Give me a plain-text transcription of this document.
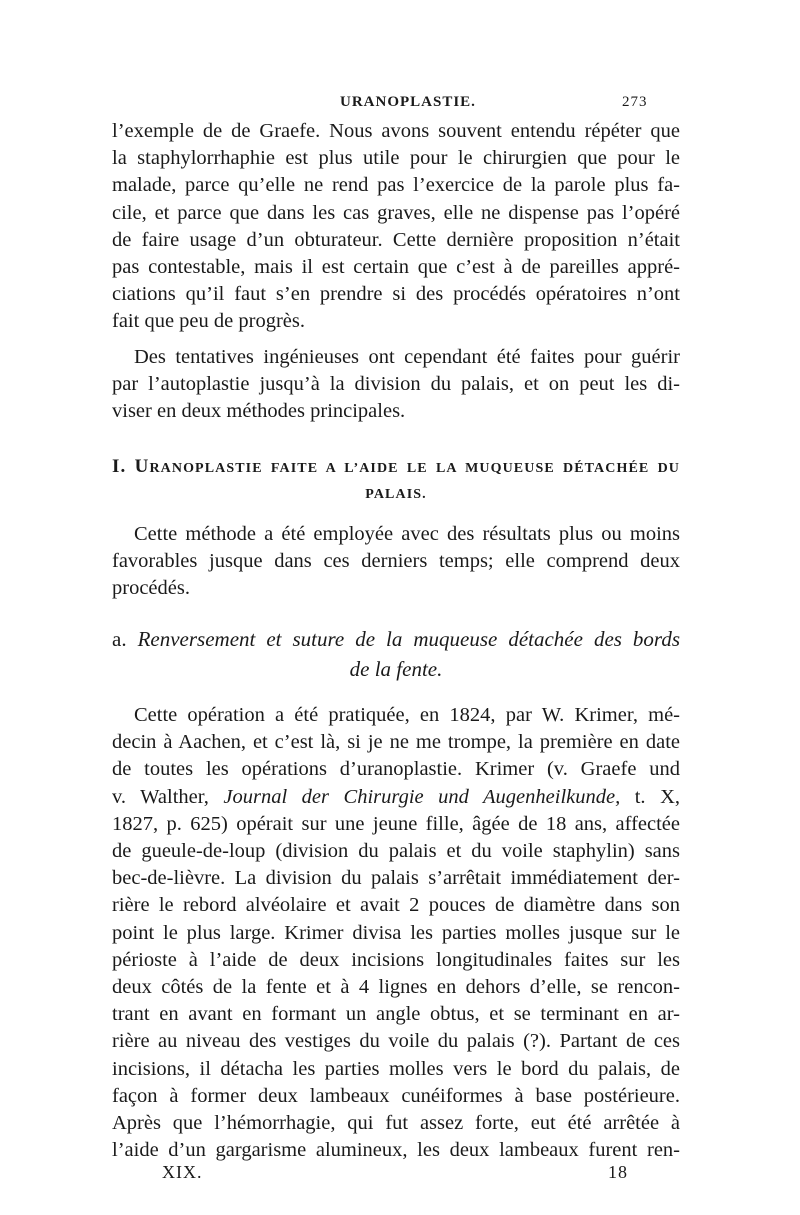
URANOPLASTIE.	273
l’exemple de de Graefe. Nous avons souvent entendu répéter que
la staphylorrhaphie est plus utile pour le chirurgien que pour le
malade, parce qu’elle ne rend pas l’exercice de la parole plus fa-
cile, et parce que dans les cas graves, elle ne dispense pas l’opéré
de faire usage d’un obturateur. Cette dernière proposition n’était
pas contestable, mais il est certain que c’est à de pareilles appré-
ciations qu’il faut s’en prendre si des procédés opératoires n’ont
fait que peu de progrès.
Des tentatives ingénieuses ont cependant été faites pour guérir
par l’autoplastie jusqu’à la division du palais, et on peut les di-
viser en deux méthodes principales.
I. URANOPLASTIE FAITE A L’AIDE LE LA MUQUEUSE DÉTACHÉE DU
PALAIS.
Cette méthode a été employée avec des résultats plus ou moins
favorables jusque dans ces derniers temps; elle comprend deux
procédés.
a. Renversement et suture de la muqueuse détachée des bords
de la fente.
Cette opération a été pratiquée, en 1824, par W. Krimer, mé-
decin à Aachen, et c’est là, si je ne me trompe, la première en date
de toutes les opérations d’uranoplastie. Krimer (v. Graefe und
v. Walther, Journal der Chirurgie und Augenheilkunde, t. X,
1827, p. 625) opérait sur une jeune fille, âgée de 18 ans, affectée
de gueule-de-loup (division du palais et du voile staphylin) sans
bec-de-lièvre. La division du palais s’arrêtait immédiatement der-
rière le rebord alvéolaire et avait 2 pouces de diamètre dans son
point le plus large. Krimer divisa les parties molles jusque sur le
périoste à l’aide de deux incisions longitudinales faites sur les
deux côtés de la fente et à 4 lignes en dehors d’elle, se rencon-
trant en avant en formant un angle obtus, et se terminant en ar-
rière au niveau des vestiges du voile du palais (?). Partant de ces
incisions, il détacha les parties molles vers le bord du palais, de
façon à former deux lambeaux cunéiformes à base postérieure.
Après que l’hémorrhagie, qui fut assez forte, eut été arrêtée à
l’aide d’un gargarisme alumineux, les deux lambeaux furent ren-
XIX.	18
